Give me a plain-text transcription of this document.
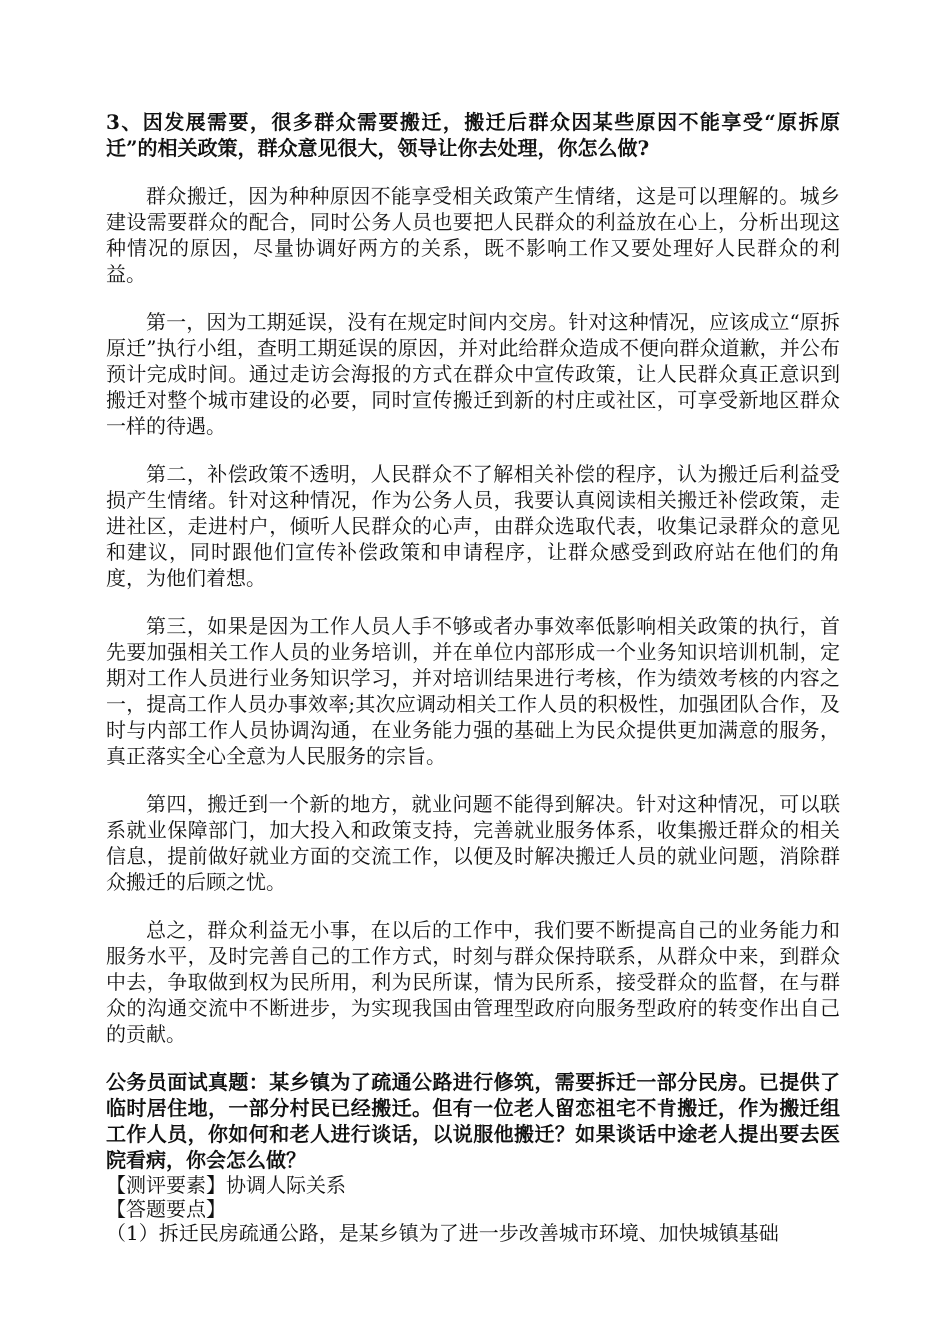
3、因发展需要，很多群众需要搬迁，搬迁后群众因某些原因不能享受“原拆原迁”的相关政策，群众意见很大，领导让你去处理，你怎么做?

群众搬迁，因为种种原因不能享受相关政策产生情绪，这是可以理解的。城乡建设需要群众的配合，同时公务人员也要把人民群众的利益放在心上，分析出现这种情况的原因，尽量协调好两方的关系，既不影响工作又要处理好人民群众的利益。

第一，因为工期延误，没有在规定时间内交房。针对这种情况，应该成立“原拆原迁”执行小组，查明工期延误的原因，并对此给群众造成不便向群众道歉，并公布预计完成时间。通过走访会海报的方式在群众中宣传政策，让人民群众真正意识到搬迁对整个城市建设的必要，同时宣传搬迁到新的村庄或社区，可享受新地区群众一样的待遇。

第二，补偿政策不透明，人民群众不了解相关补偿的程序，认为搬迁后利益受损产生情绪。针对这种情况，作为公务人员，我要认真阅读相关搬迁补偿政策，走进社区，走进村户，倾听人民群众的心声，由群众选取代表，收集记录群众的意见和建议，同时跟他们宣传补偿政策和申请程序，让群众感受到政府站在他们的角度，为他们着想。

第三，如果是因为工作人员人手不够或者办事效率低影响相关政策的执行，首先要加强相关工作人员的业务培训，并在单位内部形成一个业务知识培训机制，定期对工作人员进行业务知识学习，并对培训结果进行考核，作为绩效考核的内容之一，提高工作人员办事效率;其次应调动相关工作人员的积极性，加强团队合作，及时与内部工作人员协调沟通，在业务能力强的基础上为民众提供更加满意的服务，真正落实全心全意为人民服务的宗旨。

第四，搬迁到一个新的地方，就业问题不能得到解决。针对这种情况，可以联系就业保障部门，加大投入和政策支持，完善就业服务体系，收集搬迁群众的相关信息，提前做好就业方面的交流工作，以便及时解决搬迁人员的就业问题，消除群众搬迁的后顾之忧。

总之，群众利益无小事，在以后的工作中，我们要不断提高自己的业务能力和服务水平，及时完善自己的工作方式，时刻与群众保持联系，从群众中来，到群众中去，争取做到权为民所用，利为民所谋，情为民所系，接受群众的监督，在与群众的沟通交流中不断进步，为实现我国由管理型政府向服务型政府的转变作出自己的贡献。

公务员面试真题：某乡镇为了疏通公路进行修筑，需要拆迁一部分民房。已提供了临时居住地，一部分村民已经搬迁。但有一位老人留恋祖宅不肯搬迁，作为搬迁组工作人员，你如何和老人进行谈话，以说服他搬迁？如果谈话中途老人提出要去医院看病，你会怎么做？

【测评要素】协调人际关系

【答题要点】

（1）拆迁民房疏通公路，是某乡镇为了进一步改善城市环境、加快城镇基础
